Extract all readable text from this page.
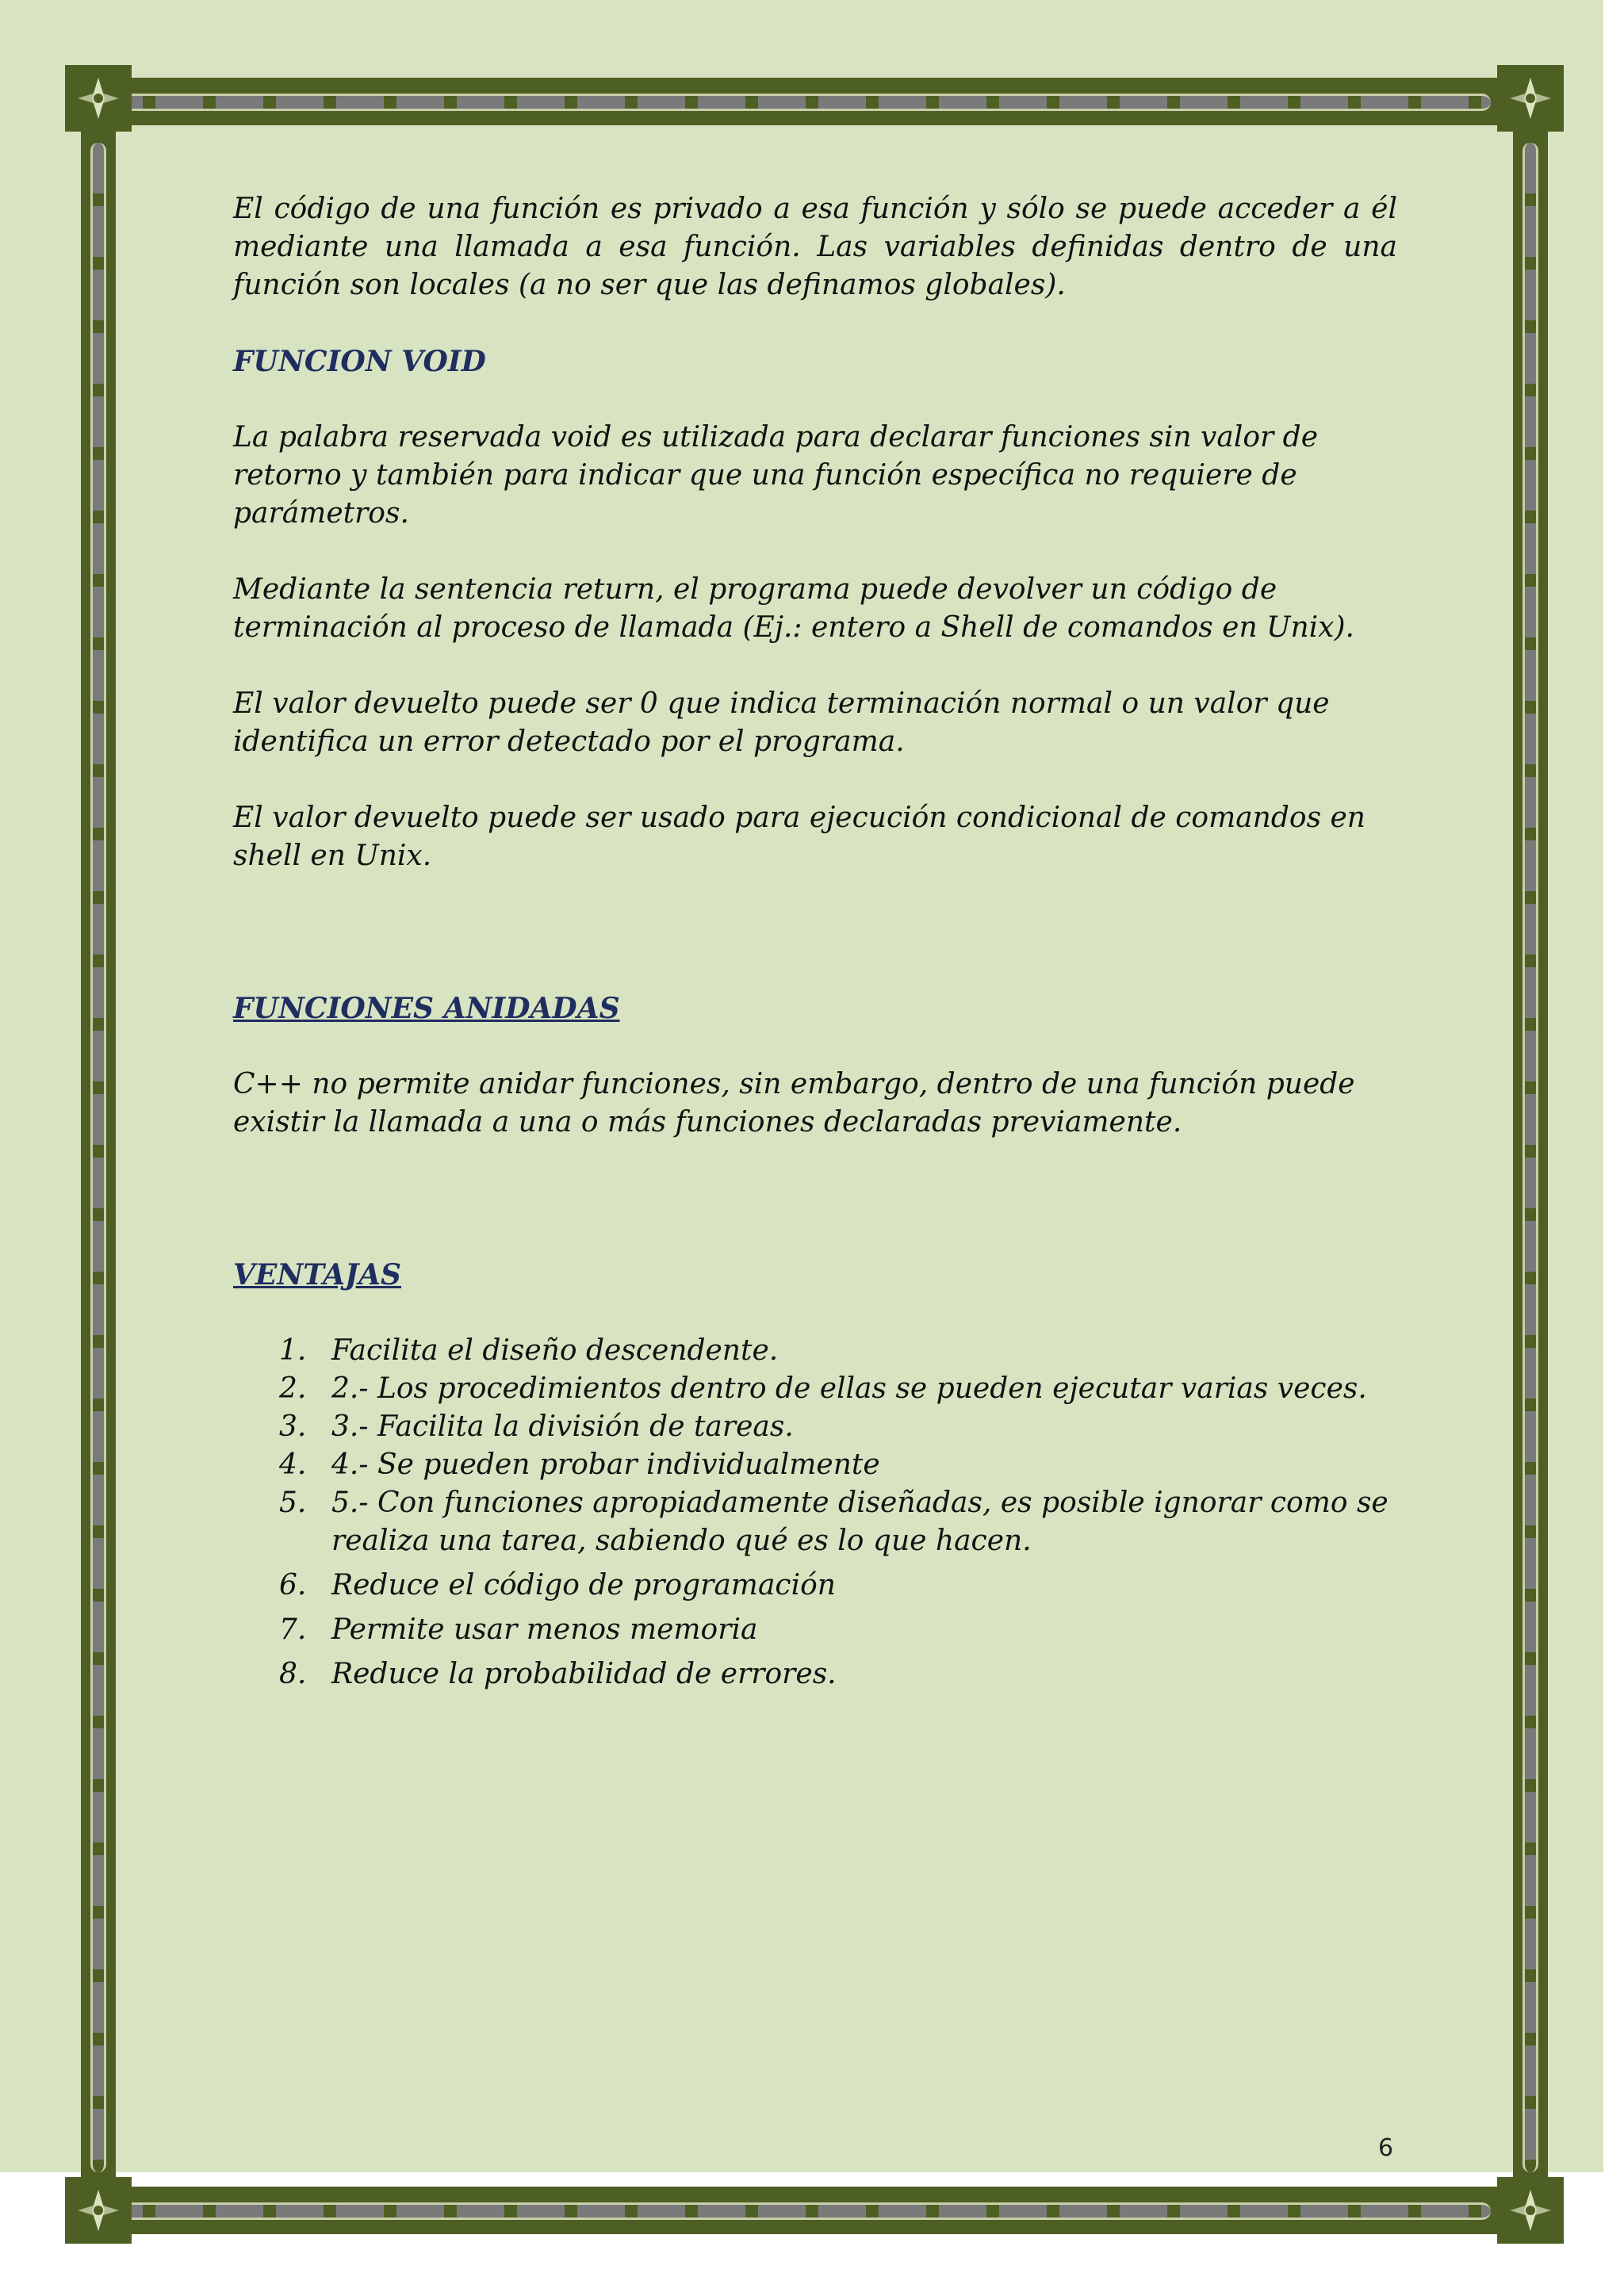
El código de una función es privado a esa función y sólo se puede acceder a él mediante una llamada a esa función. Las variables definidas dentro de una función son locales (a no ser que las definamos globales).

FUNCION VOID

La palabra reservada void es utilizada para declarar funciones sin valor de retorno y también para indicar que una función específica no requiere de parámetros.

Mediante la sentencia return, el programa puede devolver un código de terminación al proceso de llamada (Ej.: entero a Shell de comandos en Unix).

El valor devuelto puede ser 0 que indica terminación normal o un valor que identifica un error detectado por el programa.

El valor devuelto puede ser usado para ejecución condicional de comandos en shell en Unix.

FUNCIONES ANIDADAS

C++ no permite anidar funciones, sin embargo, dentro de una función puede existir la llamada a una o más funciones declaradas previamente.

VENTAJAS
1. Facilita el diseño descendente.
2. 2.- Los procedimientos dentro de ellas se pueden ejecutar varias veces.
3. 3.- Facilita la división de tareas.
4. 4.- Se pueden probar individualmente
5. 5.- Con funciones apropiadamente diseñadas, es posible ignorar como se realiza una tarea, sabiendo qué es lo que hacen.
6. Reduce el código de programación
7. Permite usar menos memoria
8. Reduce la probabilidad de errores.
6
